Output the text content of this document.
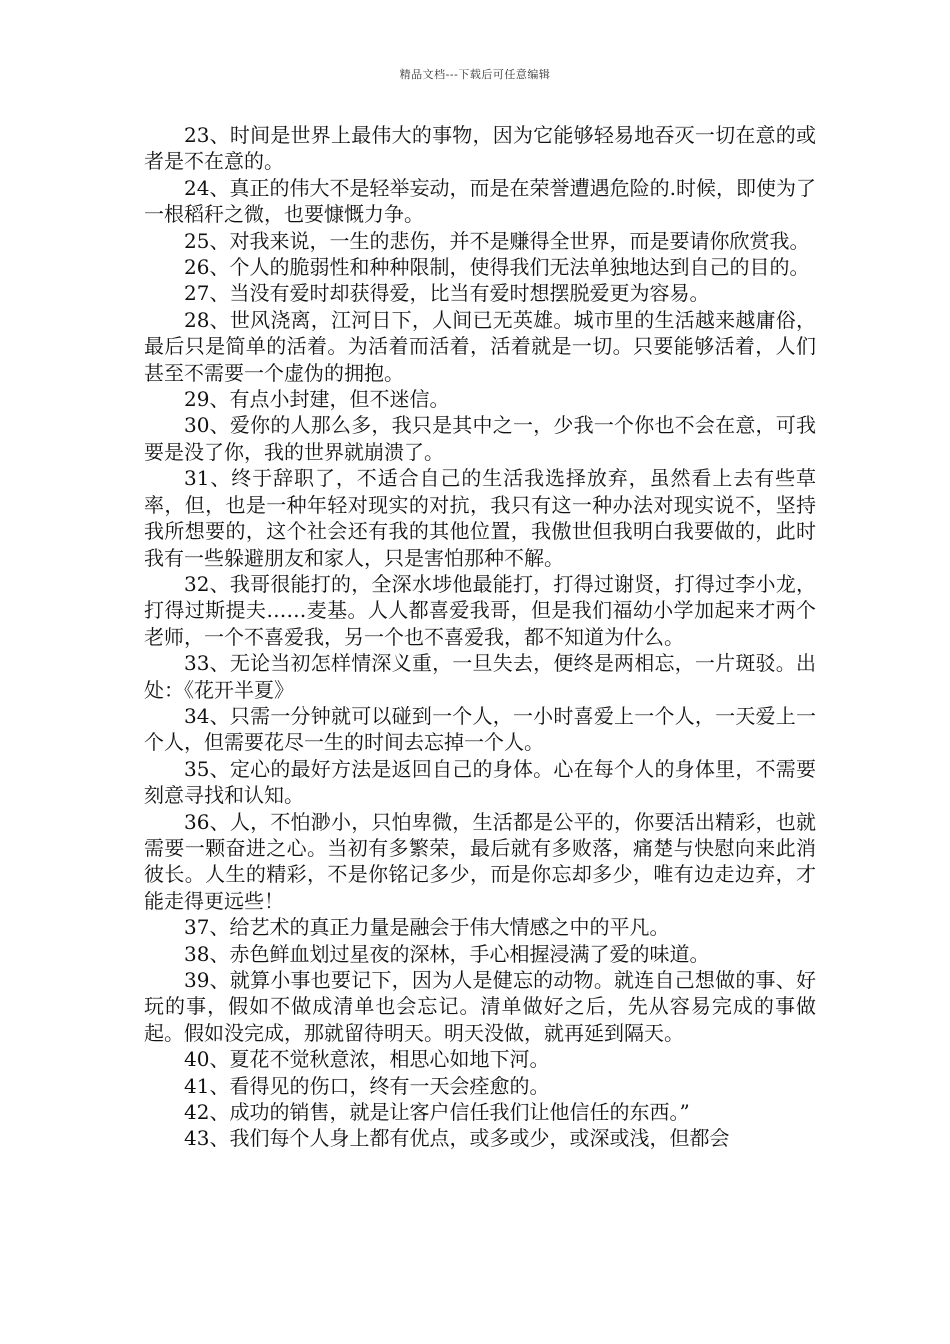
精品文档---下载后可任意编辑

23、时间是世界上最伟大的事物，因为它能够轻易地吞灭一切在意的或者是不在意的。

24、真正的伟大不是轻举妄动，而是在荣誉遭遇危险的.时候，即使为了一根稻秆之微，也要慷慨力争。

25、对我来说，一生的悲伤，并不是赚得全世界，而是要请你欣赏我。

26、个人的脆弱性和种种限制，使得我们无法单独地达到自己的目的。

27、当没有爱时却获得爱，比当有爱时想摆脱爱更为容易。

28、世风浇离，江河日下，人间已无英雄。城市里的生活越来越庸俗，最后只是简单的活着。为活着而活着，活着就是一切。只要能够活着，人们甚至不需要一个虚伪的拥抱。

29、有点小封建，但不迷信。

30、爱你的人那么多，我只是其中之一，少我一个你也不会在意，可我要是没了你，我的世界就崩溃了。

31、终于辞职了，不适合自己的生活我选择放弃，虽然看上去有些草率，但，也是一种年轻对现实的对抗，我只有这一种办法对现实说不，坚持我所想要的，这个社会还有我的其他位置，我傲世但我明白我要做的，此时我有一些躲避朋友和家人，只是害怕那种不解。

32、我哥很能打的，全深水埗他最能打，打得过谢贤，打得过李小龙，打得过斯提夫……麦基。人人都喜爱我哥，但是我们福幼小学加起来才两个老师，一个不喜爱我，另一个也不喜爱我，都不知道为什么。

33、无论当初怎样情深义重，一旦失去，便终是两相忘，一片斑驳。出处：《花开半夏》

34、只需一分钟就可以碰到一个人，一小时喜爱上一个人，一天爱上一个人，但需要花尽一生的时间去忘掉一个人。

35、定心的最好方法是返回自己的身体。心在每个人的身体里，不需要刻意寻找和认知。

36、人，不怕渺小，只怕卑微，生活都是公平的，你要活出精彩，也就需要一颗奋进之心。当初有多繁荣，最后就有多败落，痛楚与快慰向来此消彼长。人生的精彩，不是你铭记多少，而是你忘却多少，唯有边走边弃，才能走得更远些！

37、给艺术的真正力量是融会于伟大情感之中的平凡。

38、赤色鲜血划过星夜的深林，手心相握浸满了爱的味道。

39、就算小事也要记下，因为人是健忘的动物。就连自己想做的事、好玩的事，假如不做成清单也会忘记。清单做好之后，先从容易完成的事做起。假如没完成，那就留待明天。明天没做，就再延到隔天。

40、夏花不觉秋意浓，相思心如地下河。

41、看得见的伤口，终有一天会痊愈的。

42、成功的销售，就是让客户信任我们让他信任的东西。”

43、我们每个人身上都有优点，或多或少，或深或浅，但都会
